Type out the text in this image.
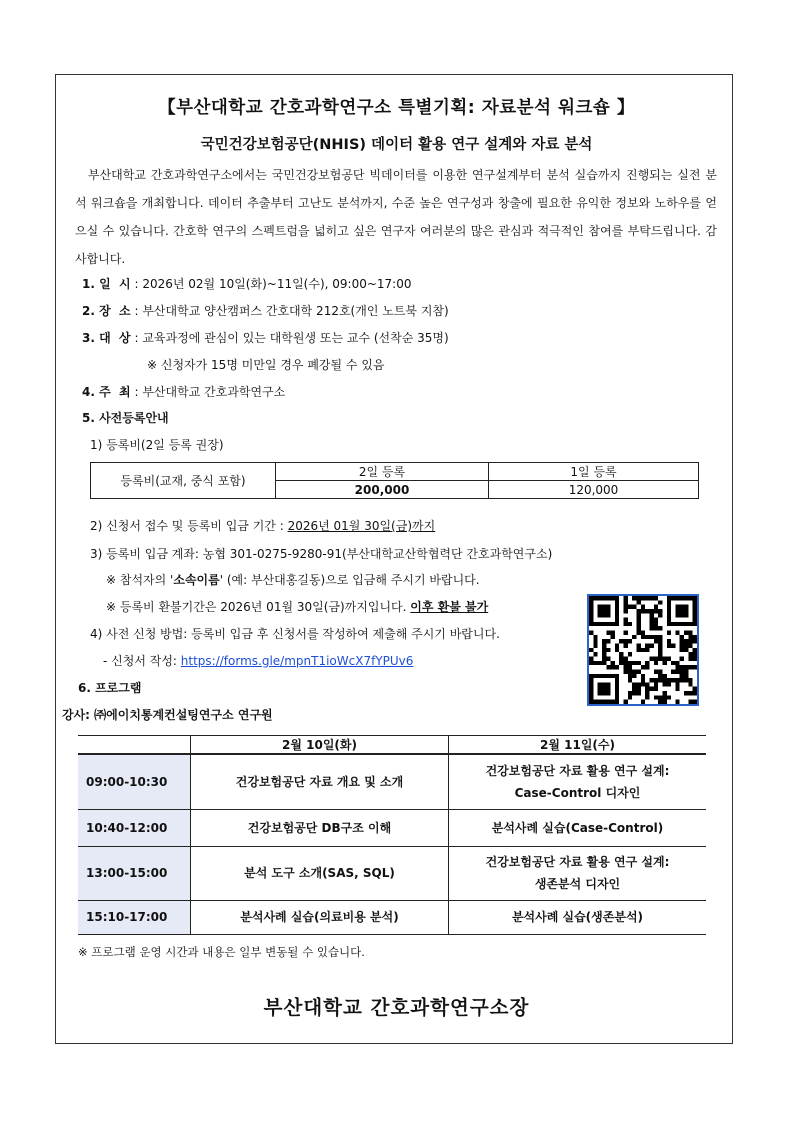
【부산대학교 간호과학연구소 특별기획: 자료분석 워크숍 】
국민건강보험공단(NHIS) 데이터 활용 연구 설계와 자료 분석
부산대학교 간호과학연구소에서는 국민건강보험공단 빅데이터를 이용한 연구설계부터 분석 실습까지 진행되는 실전 분석 워크숍을 개최합니다. 데이터 추출부터 고난도 분석까지, 수준 높은 연구성과 창출에 필요한 유익한 정보와 노하우를 얻으실 수 있습니다. 간호학 연구의 스펙트럼을 넓히고 싶은 연구자 여러분의 많은 관심과 적극적인 참여를 부탁드립니다. 감사합니다.
1. 일  시 : 2026년 02월 10일(화)~11일(수), 09:00~17:00
2. 장  소 : 부산대학교 양산캠퍼스 간호대학 212호(개인 노트북 지참)
3. 대  상 : 교육과정에 관심이 있는 대학원생 또는 교수 (선착순 35명)
※ 신청자가 15명 미만일 경우 폐강될 수 있음
4. 주  최 : 부산대학교 간호과학연구소
5. 사전등록안내
1) 등록비(2일 등록 권장)
등록비(교재, 중식 포함)	2일 등록	1일 등록
	200,000	120,000
2) 신청서 접수 및 등록비 입금 기간 : 2026년 01월 30일(금)까지
3) 등록비 입금 계좌: 농협 301-0275-9280-91(부산대학교산학협력단 간호과학연구소)
※ 참석자의 '소속이름' (예: 부산대홍길동)으로 입금해 주시기 바랍니다.
※ 등록비 환불기간은 2026년 01월 30일(금)까지입니다. 이후 환불 불가
4) 사전 신청 방법: 등록비 입금 후 신청서를 작성하여 제출해 주시기 바랍니다.
- 신청서 작성: https://forms.gle/mpnT1ioWcX7fYPUv6
6. 프로그램
강사: ㈜에이치통계컨설팅연구소 연구원
	2월 10일(화)	2월 11일(수)
09:00-10:30	건강보험공단 자료 개요 및 소개	건강보험공단 자료 활용 연구 설계:
Case-Control 디자인
10:40-12:00	건강보험공단 DB구조 이해	분석사례 실습(Case-Control)
13:00-15:00	분석 도구 소개(SAS, SQL)	건강보험공단 자료 활용 연구 설계:
생존분석 디자인
15:10-17:00	분석사례 실습(의료비용 분석)	분석사례 실습(생존분석)
※ 프로그램 운영 시간과 내용은 일부 변동될 수 있습니다.
부산대학교 간호과학연구소장
